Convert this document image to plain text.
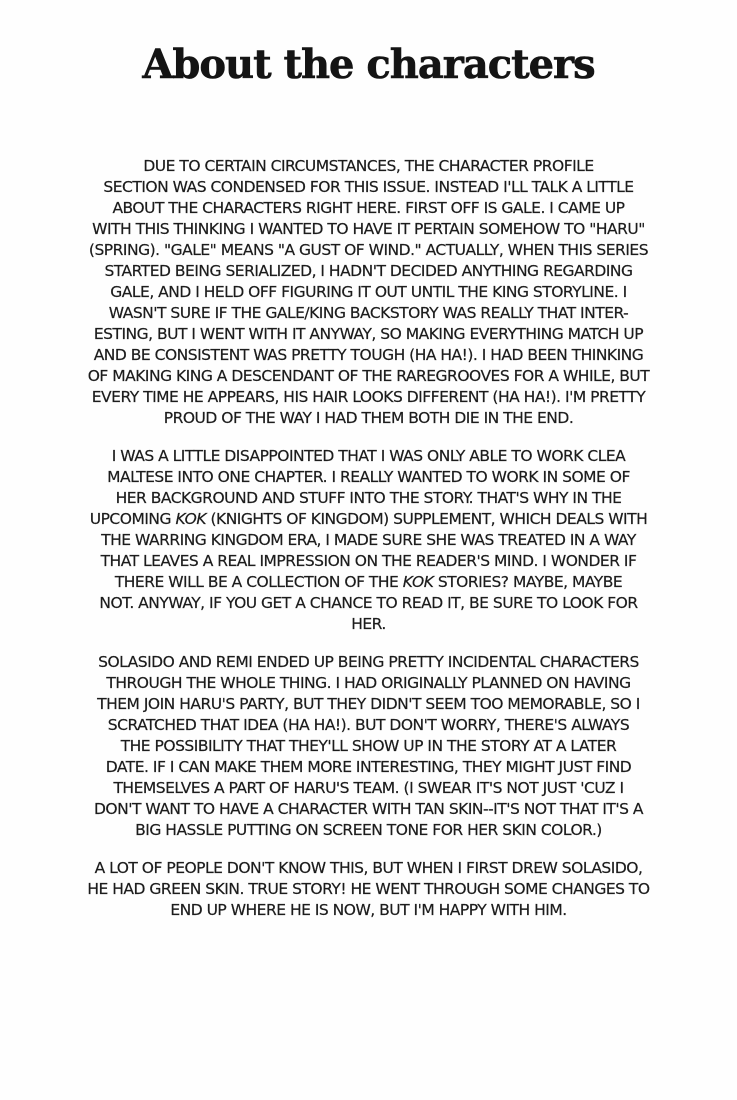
About the characters
DUE TO CERTAIN CIRCUMSTANCES, THE CHARACTER PROFILE
SECTION WAS CONDENSED FOR THIS ISSUE. INSTEAD I'LL TALK A LITTLE
ABOUT THE CHARACTERS RIGHT HERE. FIRST OFF IS GALE. I CAME UP
WITH THIS THINKING I WANTED TO HAVE IT PERTAIN SOMEHOW TO "HARU"
(SPRING). "GALE" MEANS "A GUST OF WIND." ACTUALLY, WHEN THIS SERIES
STARTED BEING SERIALIZED, I HADN'T DECIDED ANYTHING REGARDING
GALE, AND I HELD OFF FIGURING IT OUT UNTIL THE KING STORYLINE. I
WASN'T SURE IF THE GALE/KING BACKSTORY WAS REALLY THAT INTER-
ESTING, BUT I WENT WITH IT ANYWAY, SO MAKING EVERYTHING MATCH UP
AND BE CONSISTENT WAS PRETTY TOUGH (HA HA!). I HAD BEEN THINKING
OF MAKING KING A DESCENDANT OF THE RAREGROOVES FOR A WHILE, BUT
EVERY TIME HE APPEARS, HIS HAIR LOOKS DIFFERENT (HA HA!). I'M PRETTY
PROUD OF THE WAY I HAD THEM BOTH DIE IN THE END.
I WAS A LITTLE DISAPPOINTED THAT I WAS ONLY ABLE TO WORK CLEA
MALTESE INTO ONE CHAPTER. I REALLY WANTED TO WORK IN SOME OF
HER BACKGROUND AND STUFF INTO THE STORY. THAT'S WHY IN THE
UPCOMING KOK (KNIGHTS OF KINGDOM) SUPPLEMENT, WHICH DEALS WITH
THE WARRING KINGDOM ERA, I MADE SURE SHE WAS TREATED IN A WAY
THAT LEAVES A REAL IMPRESSION ON THE READER'S MIND. I WONDER IF
THERE WILL BE A COLLECTION OF THE KOK STORIES? MAYBE, MAYBE
NOT. ANYWAY, IF YOU GET A CHANCE TO READ IT, BE SURE TO LOOK FOR
HER.
SOLASIDO AND REMI ENDED UP BEING PRETTY INCIDENTAL CHARACTERS
THROUGH THE WHOLE THING. I HAD ORIGINALLY PLANNED ON HAVING
THEM JOIN HARU'S PARTY, BUT THEY DIDN'T SEEM TOO MEMORABLE, SO I
SCRATCHED THAT IDEA (HA HA!). BUT DON'T WORRY, THERE'S ALWAYS
THE POSSIBILITY THAT THEY'LL SHOW UP IN THE STORY AT A LATER
DATE. IF I CAN MAKE THEM MORE INTERESTING, THEY MIGHT JUST FIND
THEMSELVES A PART OF HARU'S TEAM. (I SWEAR IT'S NOT JUST 'CUZ I
DON'T WANT TO HAVE A CHARACTER WITH TAN SKIN--IT'S NOT THAT IT'S A
BIG HASSLE PUTTING ON SCREEN TONE FOR HER SKIN COLOR.)
A LOT OF PEOPLE DON'T KNOW THIS, BUT WHEN I FIRST DREW SOLASIDO,
HE HAD GREEN SKIN. TRUE STORY! HE WENT THROUGH SOME CHANGES TO
END UP WHERE HE IS NOW, BUT I'M HAPPY WITH HIM.
